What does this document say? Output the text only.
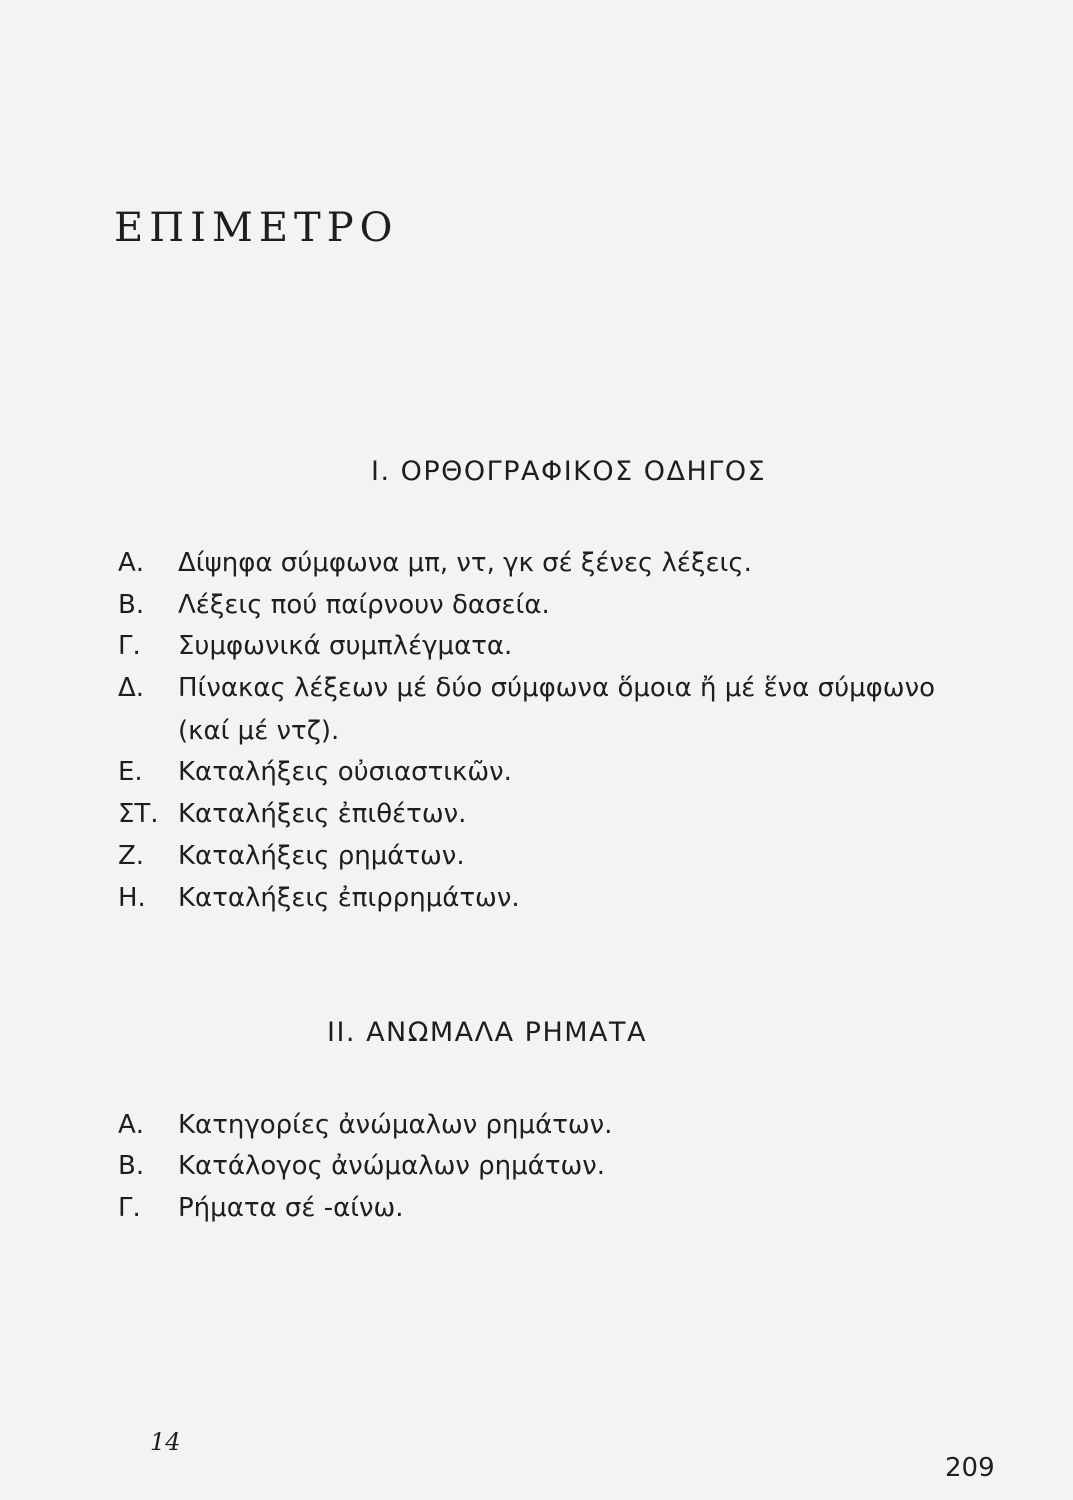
ΕΠΙΜΕΤΡΟ
Ι. ΟΡΘΟΓΡΑΦΙΚΟΣ ΟΔΗΓΟΣ
Α. Δίψηφα σύμφωνα μπ, ντ, γκ σέ ξένες λέξεις.
Β. Λέξεις πού παίρνουν δασεία.
Γ. Συμφωνικά συμπλέγματα.
Δ. Πίνακας λέξεων μέ δύο σύμφωνα ὅμοια ἤ μέ ἕνα σύμφωνο
(καί μέ ντζ).
Ε. Καταλήξεις οὐσιαστικῶν.
ΣΤ. Καταλήξεις ἐπιθέτων.
Ζ. Καταλήξεις ρημάτων.
Η. Καταλήξεις ἐπιρρημάτων.
ΙΙ. ΑΝΩΜΑΛΑ ΡΗΜΑΤΑ
Α. Κατηγορίες ἀνώμαλων ρημάτων.
Β. Κατάλογος ἀνώμαλων ρημάτων.
Γ. Ρήματα σέ -αίνω.
14
209
